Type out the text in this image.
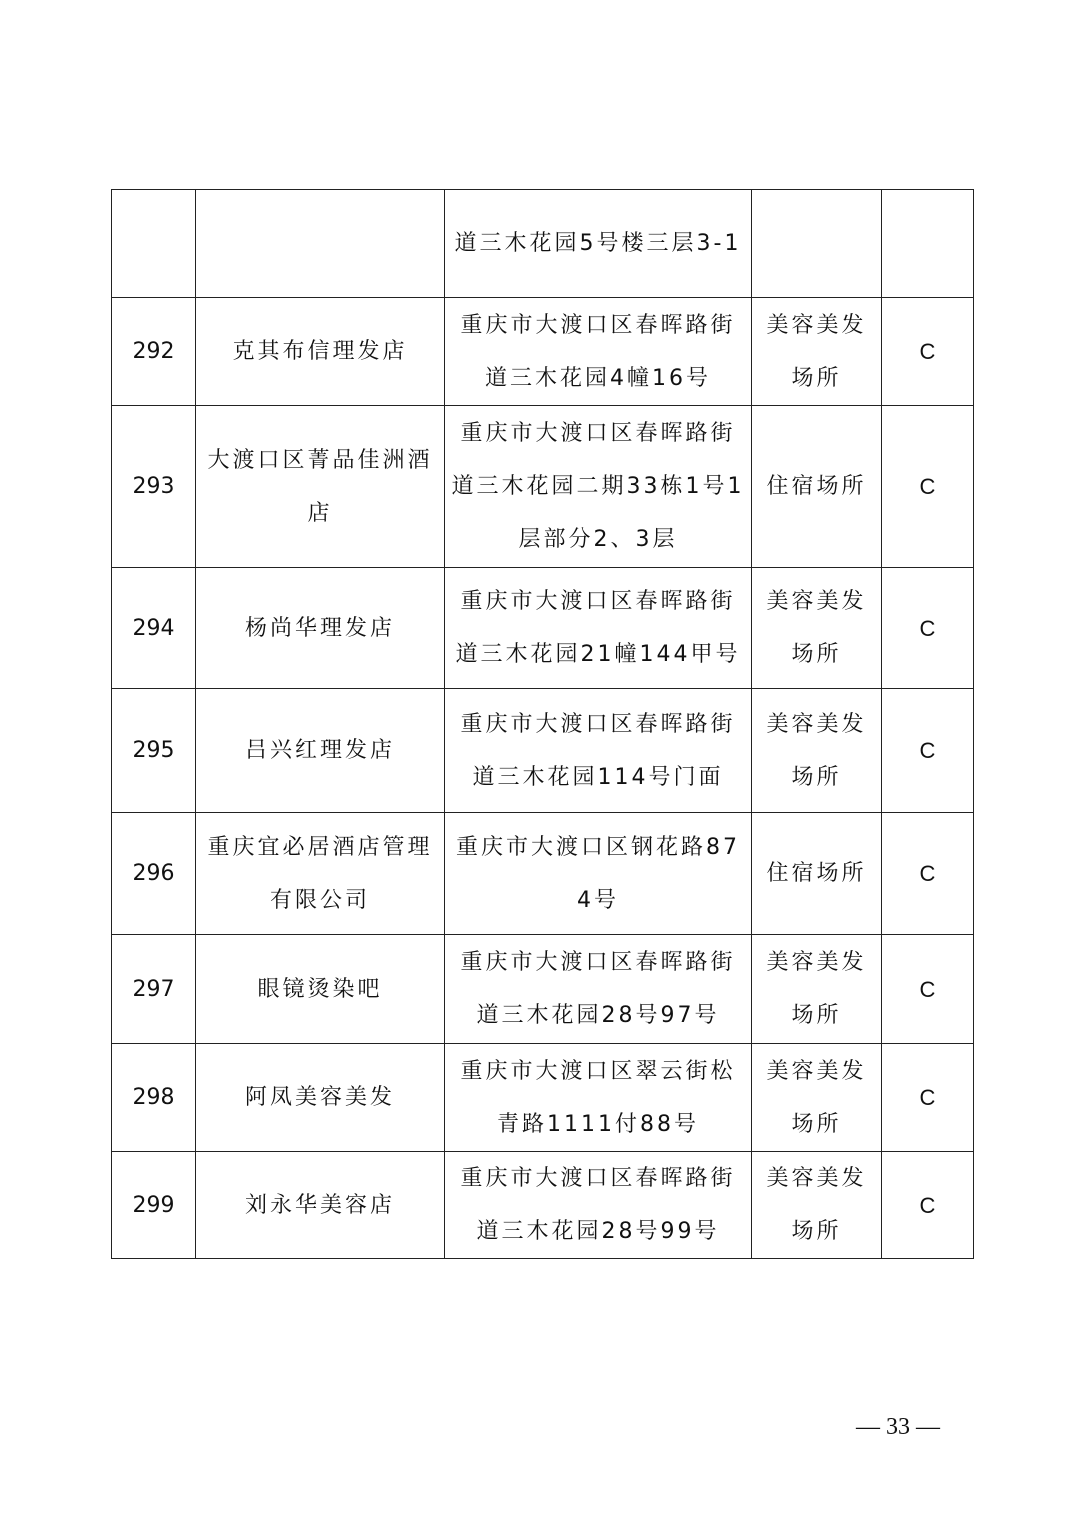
		道三木花园5号楼三层3-1		
292	克其布信理发店	重庆市大渡口区春晖路街道三木花园4幢16号	美容美发场所	C
293	大渡口区菁品佳洲酒店	重庆市大渡口区春晖路街道三木花园二期33栋1号1层部分2、3层	住宿场所	C
294	杨尚华理发店	重庆市大渡口区春晖路街道三木花园21幢144甲号	美容美发场所	C
295	吕兴红理发店	重庆市大渡口区春晖路街道三木花园114号门面	美容美发场所	C
296	重庆宜必居酒店管理有限公司	重庆市大渡口区钢花路874号	住宿场所	C
297	眼镜烫染吧	重庆市大渡口区春晖路街道三木花园28号97号	美容美发场所	C
298	阿凤美容美发	重庆市大渡口区翠云街松青路1111付88号	美容美发场所	C
299	刘永华美容店	重庆市大渡口区春晖路街道三木花园28号99号	美容美发场所	C
— 33 —
